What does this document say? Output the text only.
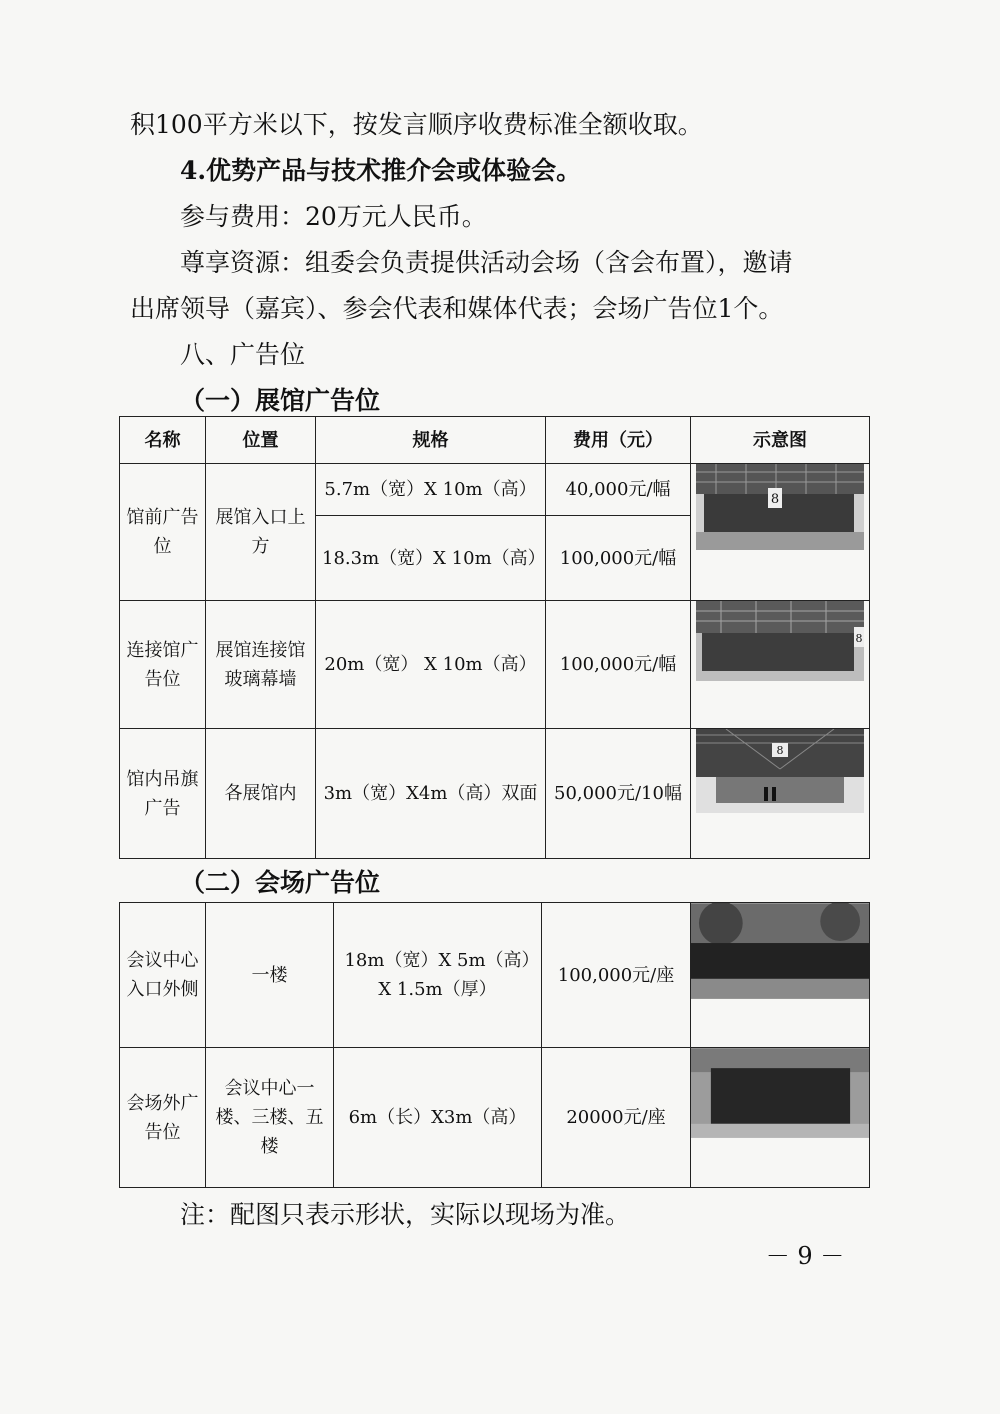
积100平方米以下，按发言顺序收费标准全额收取。

4.优势产品与技术推介会或体验会。

参与费用：20万元人民币。

尊享资源：组委会负责提供活动会场（含会布置），邀请

出席领导（嘉宾）、参会代表和媒体代表；会场广告位1个。

八、广告位

（一）展馆广告位

名称	位置	规格	费用（元）	示意图
馆前广告位	展馆入口上方	5.7m（宽）X 10m（高）	40,000元/幅	8

		18.3m（宽）X 10m（高）	100,000元/幅	
连接馆广告位	展馆连接馆玻璃幕墙	20m（宽） X 10m（高）	100,000元/幅	8

馆内吊旗广告	各展馆内	3m（宽）X4m（高）双面	50,000元/10幅	8

（二）会场广告位

会议中心入口外侧	一楼	18m（宽）X 5m（高）X 1.5m（厚）	100,000元/座	

会场外广告位	会议中心一楼、三楼、五楼	6m（长）X3m（高）	20000元/座	

注：配图只表示形状，实际以现场为准。

－ 9 －
